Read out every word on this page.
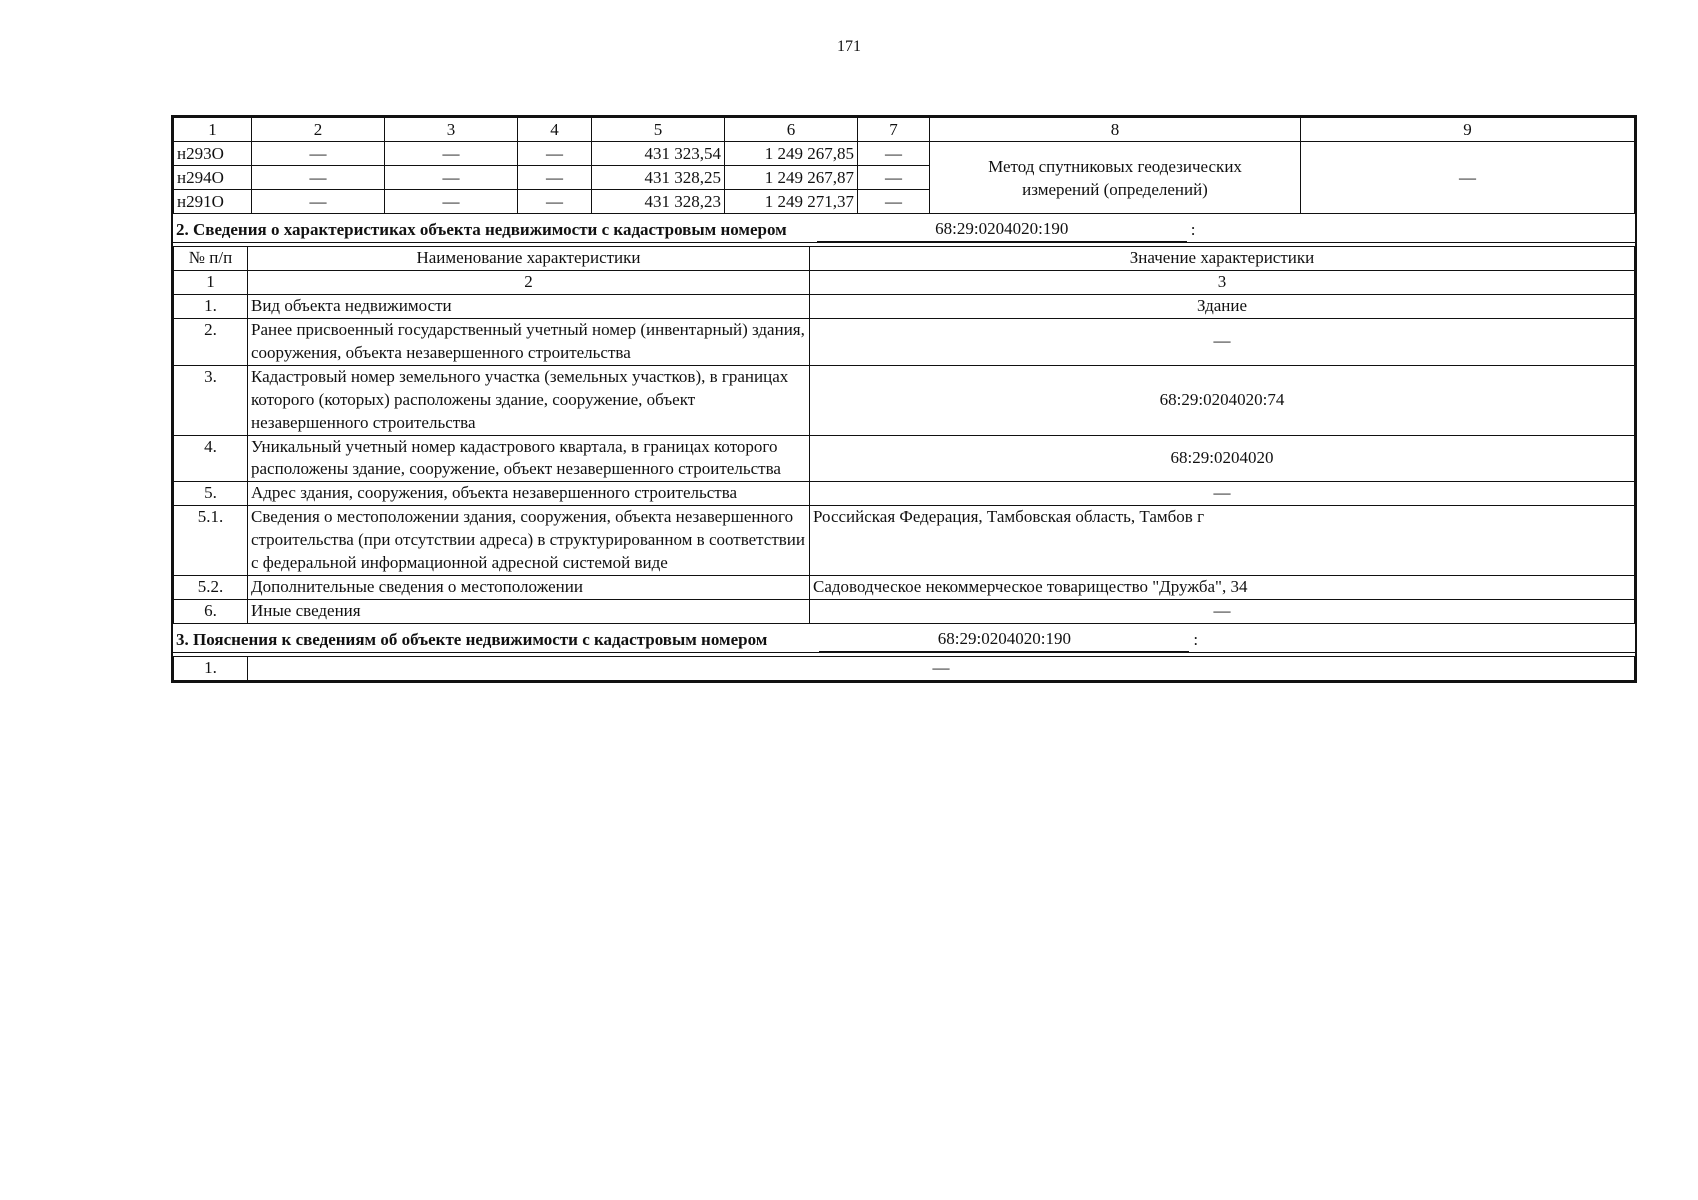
171
1	2	3	4	5	6	7	8	9
н293О	—	—	—	431 323,54	1 249 267,85	—	Метод спутниковых геодезических измерений (определений)	—
н294О	—	—	—	431 328,25	1 249 267,87	—		
н291О	—	—	—	431 328,23	1 249 271,37	—		
2. Сведения о характеристиках объекта недвижимости с кадастровым номером	68:29:0204020:190	:
№ п/п	Наименование характеристики	Значение характеристики
1	2	3
1.	Вид объекта недвижимости	Здание
2.	Ранее присвоенный государственный учетный номер (инвентарный) здания, сооружения, объекта незавершенного строительства	—
3.	Кадастровый номер земельного участка (земельных участков), в границах которого (которых) расположены здание, сооружение, объект незавершенного строительства	68:29:0204020:74
4.	Уникальный учетный номер кадастрового квартала, в границах которого расположены здание, сооружение, объект незавершенного строительства	68:29:0204020
5.	Адрес здания, сооружения, объекта незавершенного строительства	—
5.1.	Сведения о местоположении здания, сооружения, объекта незавершенного строительства (при отсутствии адреса) в структурированном в соответствии с федеральной информационной адресной системой виде	Российская Федерация, Тамбовская область, Тамбов г
5.2.	Дополнительные сведения о местоположении	Садоводческое некоммерческое товарищество "Дружба", 34
6.	Иные сведения	—
3. Пояснения к сведениям об объекте недвижимости с кадастровым номером	68:29:0204020:190	:
1.	—
